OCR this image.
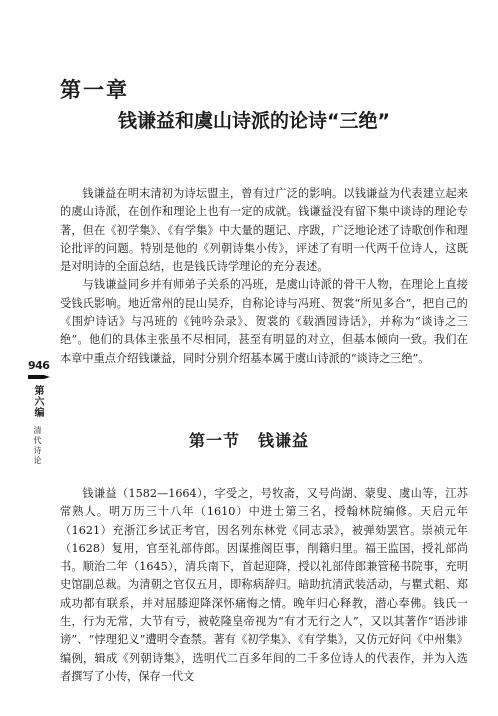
第一章
钱谦益和虞山诗派的论诗“三绝”

钱谦益在明末清初为诗坛盟主，曾有过广泛的影响。以钱谦益为代表建立起来的虞山诗派，在创作和理论上也有一定的成就。钱谦益没有留下集中谈诗的理论专著，但在《初学集》、《有学集》中大量的题记、序跋，广泛地论述了诗歌创作和理论批评的问题。特别是他的《列朝诗集小传》，评述了有明一代两千位诗人，这既是对明诗的全面总结，也是钱氏诗学理论的充分表述。

与钱谦益同乡并有师弟子关系的冯班，是虞山诗派的骨干人物，在理论上直接受钱氏影响。地近常州的昆山吴乔，自称论诗与冯班、贺裳“所见多合”，把自己的《围炉诗话》与冯班的《钝吟杂录》、贺裳的《载酒园诗话》，并称为“谈诗之三绝”。他们的具体主张虽不尽相同，甚至有明显的对立，但基本倾向一致。我们在本章中重点介绍钱谦益，同时分别介绍基本属于虞山诗派的“谈诗之三绝”。

946
第六编
清代诗论	第一节 钱谦益

钱谦益（1582—1664），字受之，号牧斋，又号尚湖、蒙叟、虞山等，江苏常熟人。明万历三十八年（1610）中进士第三名，授翰林院编修。天启元年（1621）充浙江乡试正考官，因名列东林党《同志录》，被弹劾罢官。崇祯元年（1628）复用，官至礼部侍郎。因谋推阁臣事，削籍归里。福王监国，授礼部尚书。顺治二年（1645），清兵南下，首起迎降，授以礼部侍郎兼管秘书院事，充明史馆副总裁。为清朝之官仅五月，即称病辞归。暗助抗清武装活动，与瞿式耜、郑成功都有联系，并对屈膝迎降深怀痛悔之情。晚年归心释教，潜心奉佛。钱氏一生，行为无常，大节有亏，被乾隆皇帝视为“有才无行之人”，又以其著作“语涉诽谤”、“悖理犯义”遭明令查禁。著有《初学集》、《有学集》，又仿元好问《中州集》编例，辑成《列朝诗集》，选明代二百多年间的二千多位诗人的代表作，并为入选者撰写了小传，保存一代文
